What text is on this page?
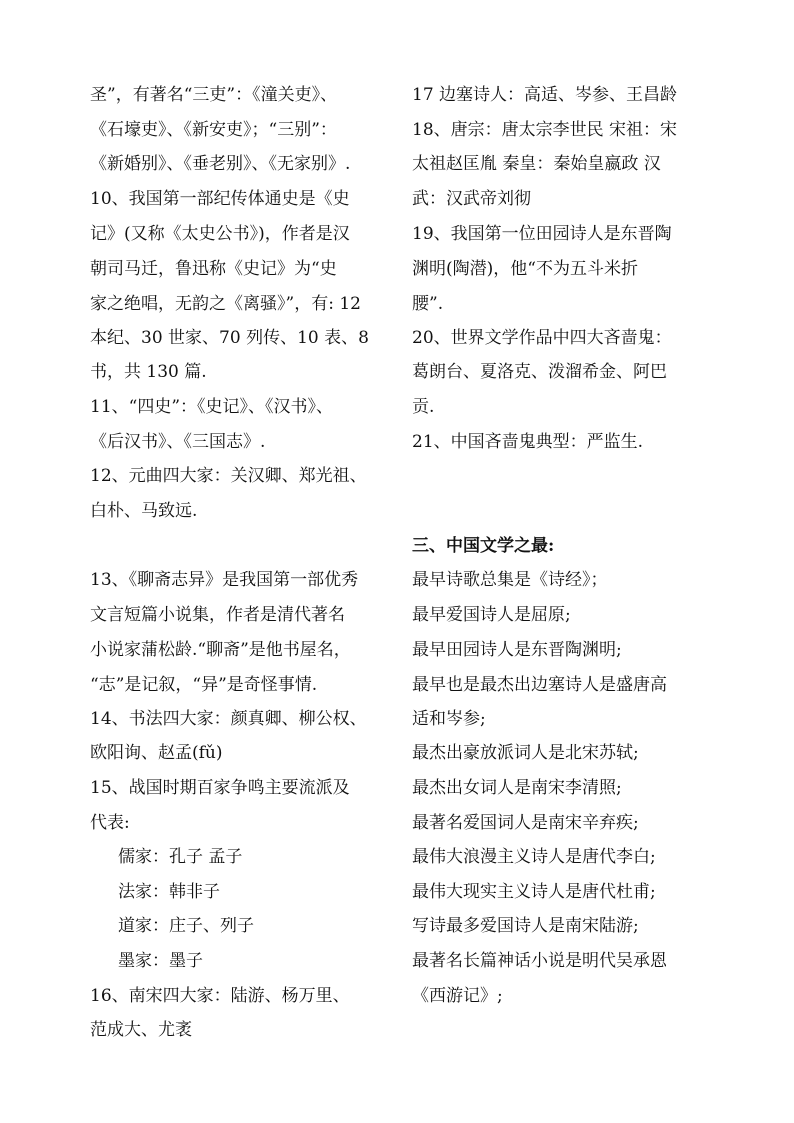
圣”，有著名“三吏”：《潼关吏》、
《石壕吏》、《新安吏》；“三别”：
《新婚别》、《垂老别》、《无家别》.
10、我国第一部纪传体通史是《史
记》(又称《太史公书》)，作者是汉
朝司马迁，鲁迅称《史记》为“史
家之绝唱，无韵之《离骚》”，有: 12
本纪、30 世家、70 列传、10 表、8
书，共 130 篇.
11、“四史”：《史记》、《汉书》、
《后汉书》、《三国志》.
12、元曲四大家：关汉卿、郑光祖、
白朴、马致远.
13、《聊斋志异》是我国第一部优秀
文言短篇小说集，作者是清代著名
小说家蒲松龄.“聊斋”是他书屋名，
“志”是记叙，“异”是奇怪事情.
14、书法四大家：颜真卿、柳公权、
欧阳询、赵孟(fǔ)
15、战国时期百家争鸣主要流派及
代表:
儒家：孔子 孟子
法家：韩非子
道家：庄子、列子
墨家：墨子
16、南宋四大家：陆游、杨万里、
范成大、尤袤
17 边塞诗人：高适、岑参、王昌龄
18、唐宗：唐太宗李世民 宋祖：宋
太祖赵匡胤 秦皇：秦始皇嬴政 汉
武：汉武帝刘彻
19、我国第一位田园诗人是东晋陶
渊明(陶潜)，他“不为五斗米折
腰”.
20、世界文学作品中四大吝啬鬼：
葛朗台、夏洛克、泼溜希金、阿巴
贡.
21、中国吝啬鬼典型：严监生.
三、中国文学之最:
最早诗歌总集是《诗经》；
最早爱国诗人是屈原;
最早田园诗人是东晋陶渊明;
最早也是最杰出边塞诗人是盛唐高
适和岑参;
最杰出豪放派词人是北宋苏轼;
最杰出女词人是南宋李清照;
最著名爱国词人是南宋辛弃疾;
最伟大浪漫主义诗人是唐代李白;
最伟大现实主义诗人是唐代杜甫;
写诗最多爱国诗人是南宋陆游;
最著名长篇神话小说是明代吴承恩
《西游记》;
